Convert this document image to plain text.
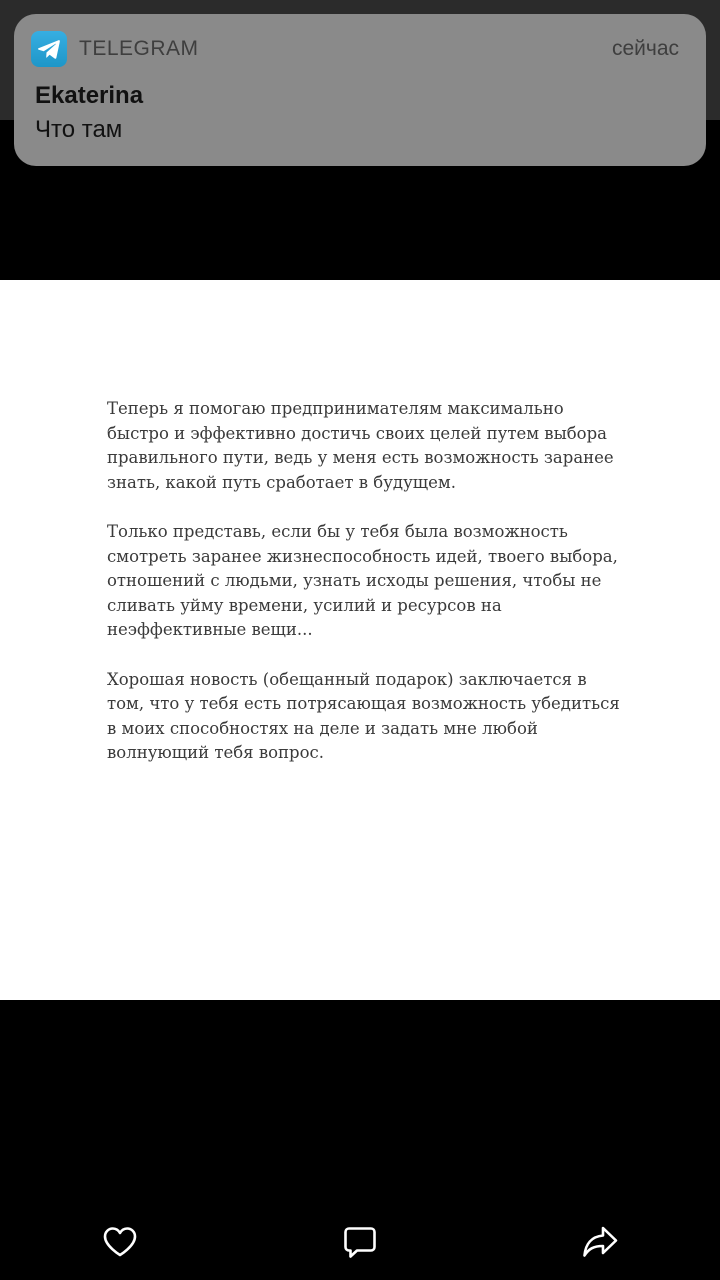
TELEGRAM	сейчас
Ekaterina
Что там

Теперь я помогаю предпринимателям максимально быстро и эффективно достичь своих целей путем выбора правильного пути, ведь у меня есть возможность заранее знать, какой путь сработает в будущем.

Только представь, если бы у тебя была возможность смотреть заранее жизнеспособность идей, твоего выбора, отношений с людьми, узнать исходы решения, чтобы не сливать уйму времени, усилий и ресурсов на неэффективные вещи...

Хорошая новость (обещанный подарок) заключается в том, что у тебя есть потрясающая возможность убедиться в моих способностях на деле и задать мне любой волнующий тебя вопрос.
